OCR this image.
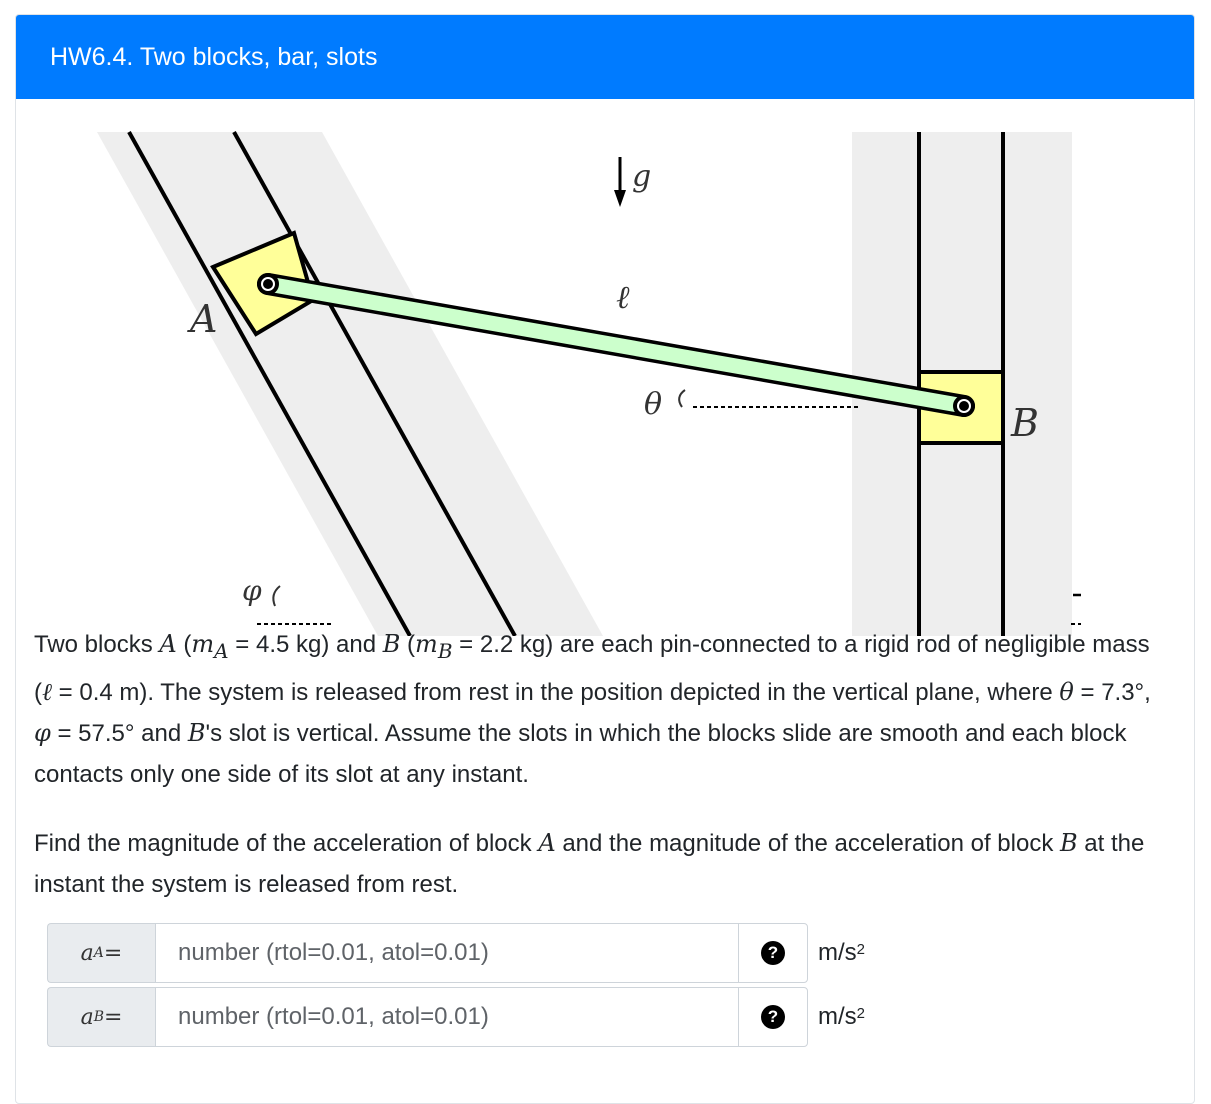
HW6.4. Two blocks, bar, slots
g
ℓ
θ
A
B
φ

Two blocks A ($m_A = 4.5$ kg) and B ($m_B = 2.2$ kg) are each pin-connected to a rigid rod of negligible mass (ℓ = 0.4 m). The system is released from rest in the position depicted in the vertical plane, where θ = 7.3°, φ = 57.5° and B's slot is vertical. Assume the slots in which the blocks slide are smooth and each block contacts only one side of its slot at any instant.

Find the magnitude of the acceleration of block A and the magnitude of the acceleration of block B at the instant the system is released from rest.

a A =
number (rtol=0.01, atol=0.01)	? $m/s^2$
a B =
number (rtol=0.01, atol=0.01)	? $m/s^2$
